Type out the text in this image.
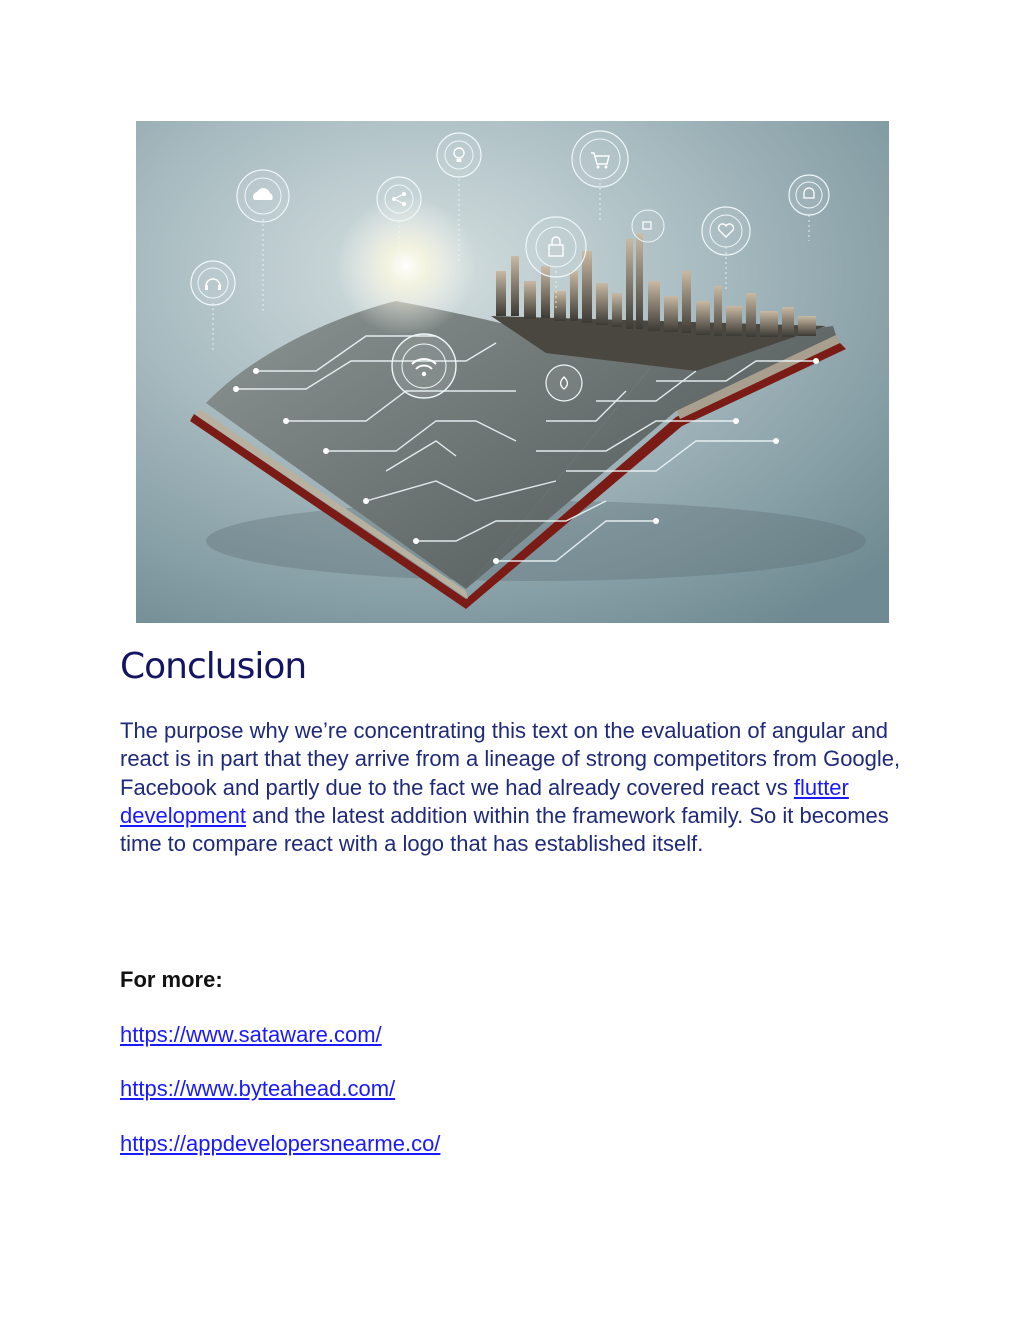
Conclusion

The purpose why we’re concentrating this text on the evaluation of angular and react is in part that they arrive from a lineage of strong competitors from Google, Facebook and partly due to the fact we had already covered react vs flutter development and the latest addition within the framework family. So it becomes time to compare react with a logo that has established itself.

For more:

https://www.sataware.com/
https://www.byteahead.com/
https://appdevelopersnearme.co/
